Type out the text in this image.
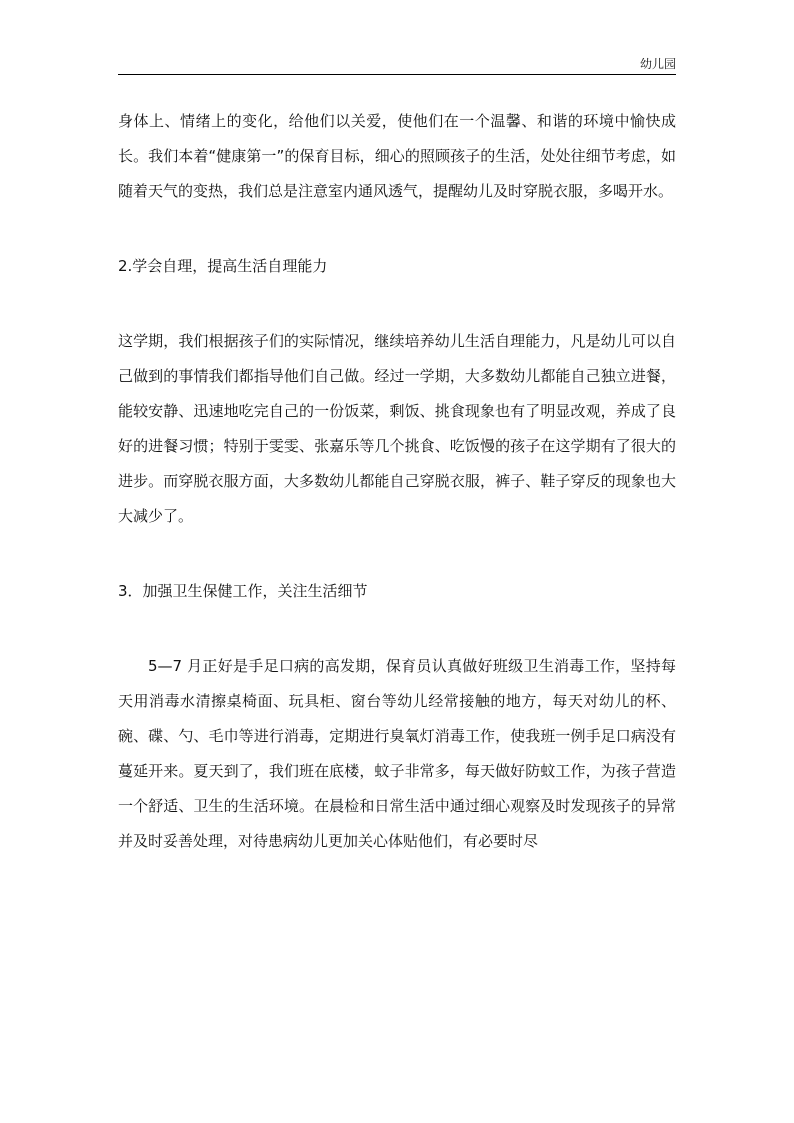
幼儿园

身体上、情绪上的变化，给他们以关爱，使他们在一个温馨、和谐的环境中愉快成长。我们本着“健康第一”的保育目标，细心的照顾孩子的生活，处处往细节考虑，如随着天气的变热，我们总是注意室内通风透气，提醒幼儿及时穿脱衣服，多喝开水。

2.学会自理，提高生活自理能力

这学期，我们根据孩子们的实际情况，继续培养幼儿生活自理能力，凡是幼儿可以自己做到的事情我们都指导他们自己做。经过一学期，大多数幼儿都能自己独立进餐，能较安静、迅速地吃完自己的一份饭菜，剩饭、挑食现象也有了明显改观，养成了良好的进餐习惯；特别于雯雯、张嘉乐等几个挑食、吃饭慢的孩子在这学期有了很大的进步。而穿脱衣服方面，大多数幼儿都能自己穿脱衣服，裤子、鞋子穿反的现象也大大减少了。

3．加强卫生保健工作，关注生活细节

5—7 月正好是手足口病的高发期，保育员认真做好班级卫生消毒工作，坚持每天用消毒水清擦桌椅面、玩具柜、窗台等幼儿经常接触的地方，每天对幼儿的杯、碗、碟、勺、毛巾等进行消毒，定期进行臭氧灯消毒工作，使我班一例手足口病没有蔓延开来。夏天到了，我们班在底楼，蚊子非常多，每天做好防蚊工作，为孩子营造一个舒适、卫生的生活环境。在晨检和日常生活中通过细心观察及时发现孩子的异常并及时妥善处理，对待患病幼儿更加关心体贴他们，有必要时尽
